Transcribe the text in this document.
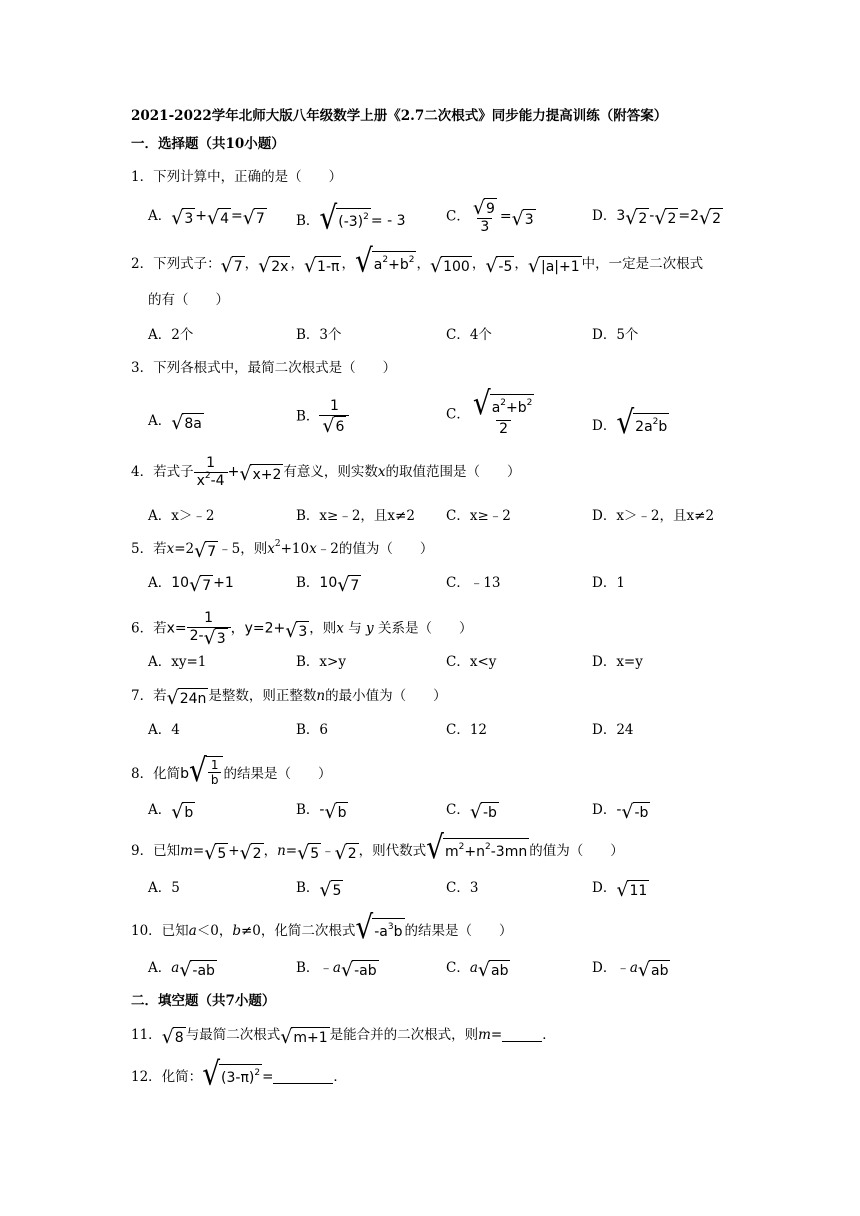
2021-2022学年北师大版八年级数学上册《2.7二次根式》同步能力提高训练（附答案）
一．选择题（共10小题）
1．下列计算中，正确的是（　　）
A． √ 3 + √ 4 = √ 7 B． √ $(-3)^2$ = - 3	C． $\frac{√ 9}{3}$ = √ 3	D．3 √ 2 - √ 2 =2 √ 2
2．下列式子： √ 7 ， √ 2x ， √ 1-π ， √ $a^2+b^2$ ， √ 100 ， √ -5 ， √ |a|+1 中，一定是二次根式
的有（　　）
A．2个	B．3个	C．4个	D．5个
3．下列各根式中，最简二次根式是（　　）
A． √ 8a	B． $\frac{1}{√ 6}$	C． $\frac{√ a^2+b^2}{2}$	D． √ $2a^2b$
4．若式子 $\frac{1}{x^2-4}$ + √ x+2 有意义，则实数x的取值范围是（　　）
A．x＞﹣2	B．x≥﹣2，且x≠2 C．x≥﹣2	D．x＞﹣2，且x≠2
5．若x=2 √ 7 ﹣5，则$x^2+10x﹣2$的值为（　　）
A．10 √ 7 +1	B．10 √ 7	C．﹣13	D．1
6．若$x= \frac{1}{2- √ 3}$ ，y=2+ √ 3 ，则x 与 y 关系是（　　）
A．xy=1	B．x>y	C．x<y	D．x=y
7．若 √ 24n 是整数，则正整数n的最小值为（　　）
A．4	B．6	C．12	D．24
8．化简b √ $\frac{1}{b}$ 的结果是（　　）
A． √ b	B．- √ b	C． √ -b	D．- √ -b
9．已知m= √ 5 + √ 2 ，n= √ 5 ﹣ √ 2 ，则代数式 √ $m^2+n^2-3mn$ 的值为（　　）
A．5	B． √ 5	C．3	D． √ 11
10．已知a＜0，b≠0，化简二次根式 √ $-a^3b$ 的结果是（　　）
A．a √ -ab	B．﹣a √ -ab	C．a √ ab	D．﹣a √ ab
二．填空题（共7小题）
11． √ 8 与最简二次根式 √ m+1 是能合并的二次根式，则m=	．
12．化简： √ $(3-\pi)^2$ =	．
